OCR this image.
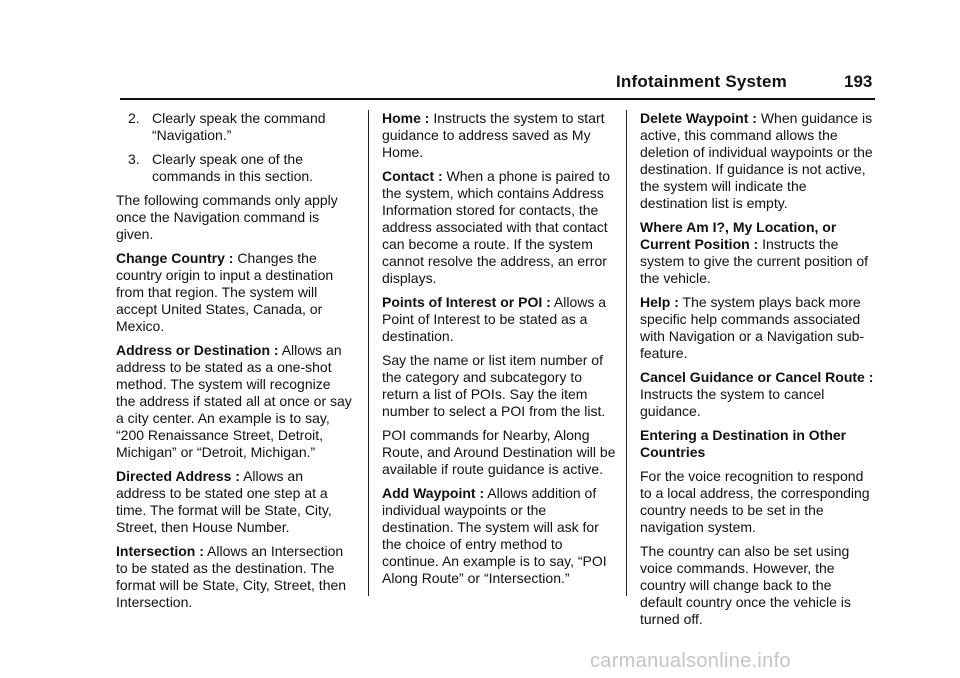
Infotainment System	193
2. Clearly speak the command “Navigation.”
3. Clearly speak one of the commands in this section.

The following commands only apply once the Navigation command is given.

Change Country : Changes the country origin to input a destination from that region. The system will accept United States, Canada, or Mexico.

Address or Destination : Allows an address to be stated as a one-shot method. The system will recognize the address if stated all at once or say a city center. An example is to say, “200 Renaissance Street, Detroit, Michigan” or “Detroit, Michigan.”

Directed Address : Allows an address to be stated one step at a time. The format will be State, City, Street, then House Number.

Intersection : Allows an Intersection to be stated as the destination. The format will be State, City, Street, then Intersection.

Home : Instructs the system to start guidance to address saved as My Home.

Contact : When a phone is paired to the system, which contains Address Information stored for contacts, the address associated with that contact can become a route. If the system cannot resolve the address, an error displays.

Points of Interest or POI : Allows a Point of Interest to be stated as a destination.

Say the name or list item number of the category and subcategory to return a list of POIs. Say the item number to select a POI from the list.

POI commands for Nearby, Along Route, and Around Destination will be available if route guidance is active.

Add Waypoint : Allows addition of individual waypoints or the destination. The system will ask for the choice of entry method to continue. An example is to say, “POI Along Route” or “Intersection.”

Delete Waypoint : When guidance is active, this command allows the deletion of individual waypoints or the destination. If guidance is not active, the system will indicate the destination list is empty.

Where Am I?, My Location, or Current Position : Instructs the system to give the current position of the vehicle.

Help : The system plays back more specific help commands associated with Navigation or a Navigation sub-feature.

Cancel Guidance or Cancel Route : Instructs the system to cancel guidance.

Entering a Destination in Other Countries

For the voice recognition to respond to a local address, the corresponding country needs to be set in the navigation system.

The country can also be set using voice commands. However, the country will change back to the default country once the vehicle is turned off.

carmanualsonline.info
